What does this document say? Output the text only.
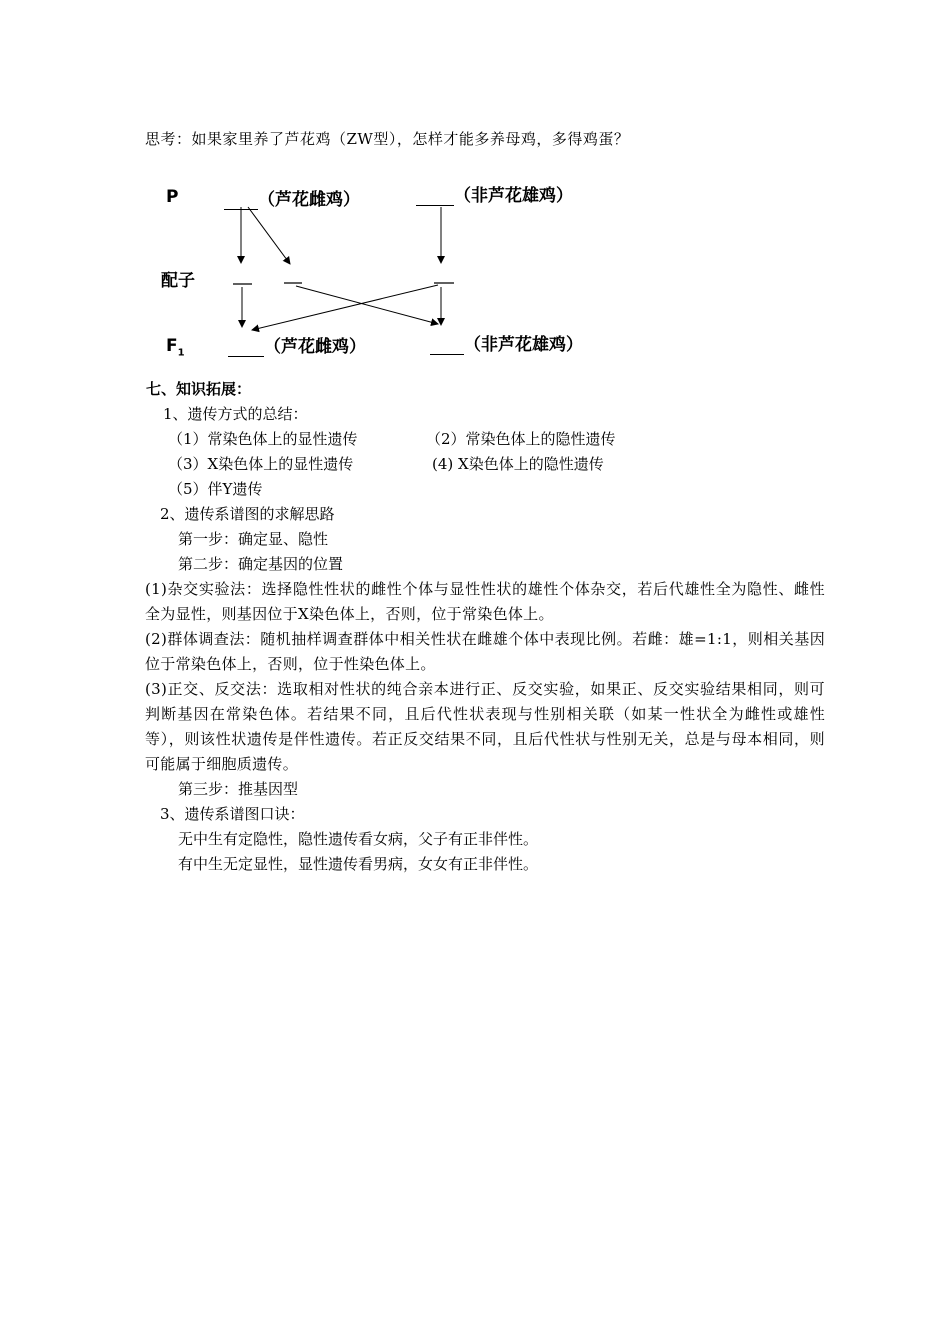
思考：如果家里养了芦花鸡（ZW型），怎样才能多养母鸡，多得鸡蛋？
P
配子
$F_1$
（芦花雌鸡）	（非芦花雄鸡）
（芦花雌鸡）	（非芦花雄鸡）
七、知识拓展：
1、遗传方式的总结：
（1）常染色体上的显性遗传	（2）常染色体上的隐性遗传
（3）X染色体上的显性遗传	(4) X染色体上的隐性遗传
（5）伴Y遗传
2、遗传系谱图的求解思路
第一步：确定显、隐性
第二步：确定基因的位置
(1)杂交实验法：选择隐性性状的雌性个体与显性性状的雄性个体杂交，若后代雄性全为隐性、雌性全为显性，则基因位于X染色体上，否则，位于常染色体上。
(2)群体调查法：随机抽样调查群体中相关性状在雌雄个体中表现比例。若雌：雄=1:1，则相关基因位于常染色体上，否则，位于性染色体上。
(3)正交、反交法：选取相对性状的纯合亲本进行正、反交实验，如果正、反交实验结果相同，则可判断基因在常染色体。若结果不同，且后代性状表现与性别相关联（如某一性状全为雌性或雄性等），则该性状遗传是伴性遗传。若正反交结果不同，且后代性状与性别无关，总是与母本相同，则可能属于细胞质遗传。
第三步：推基因型
3、遗传系谱图口诀：
无中生有定隐性，隐性遗传看女病，父子有正非伴性。
有中生无定显性，显性遗传看男病，女女有正非伴性。
